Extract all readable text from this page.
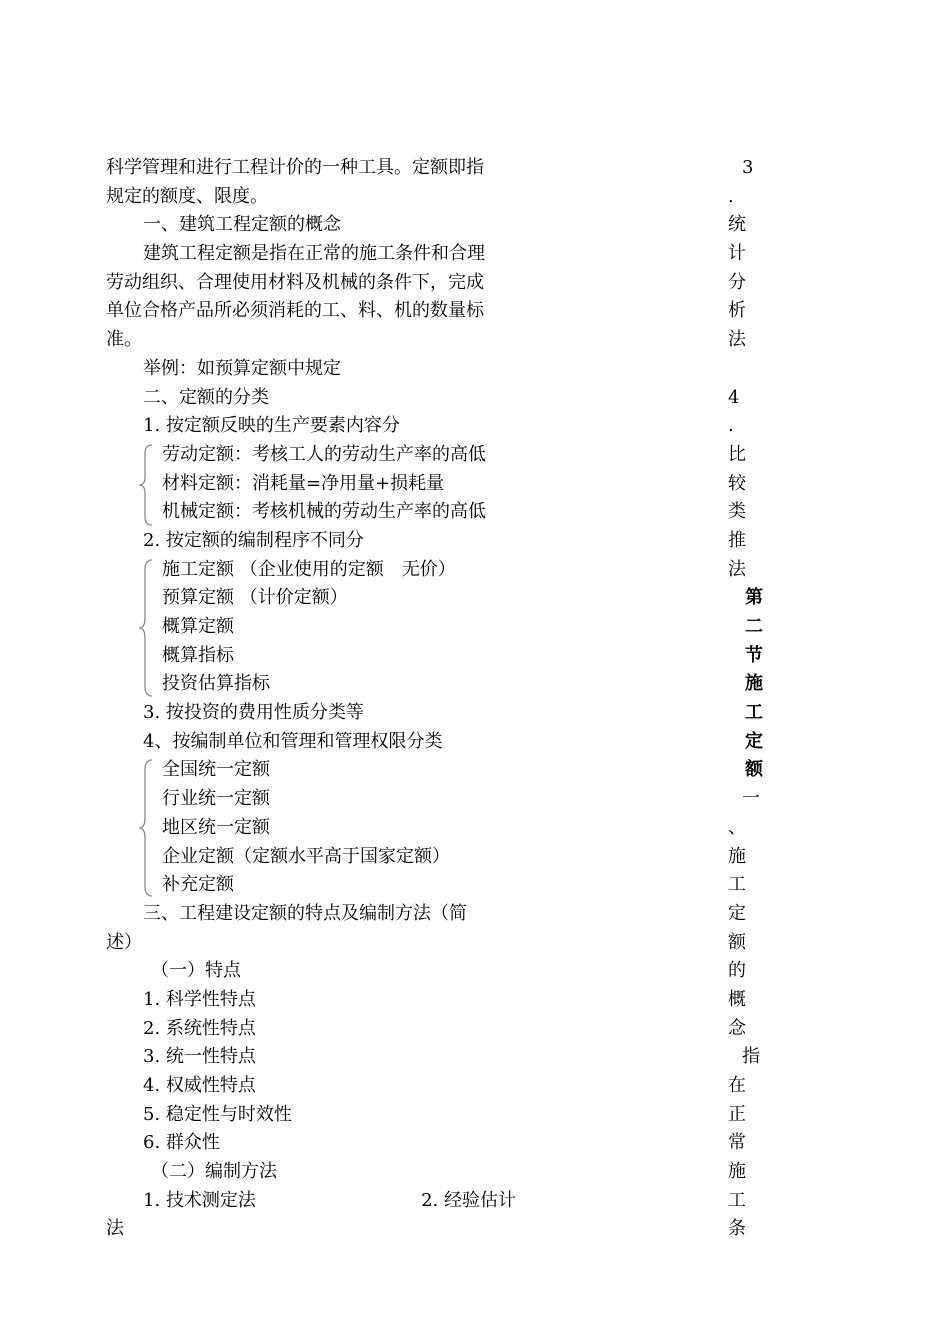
科学管理和进行工程计价的一种工具。定额即指
规定的额度、限度。
一、建筑工程定额的概念
建筑工程定额是指在正常的施工条件和合理
劳动组织、合理使用材料及机械的条件下，完成
单位合格产品所必须消耗的工、料、机的数量标
准。
举例：如预算定额中规定
二、定额的分类
1. 按定额反映的生产要素内容分
劳动定额：考核工人的劳动生产率的高低
材料定额：消耗量=净用量+损耗量
机械定额：考核机械的劳动生产率的高低
2. 按定额的编制程序不同分
施工定额 （企业使用的定额　无价）
预算定额 （计价定额）
概算定额
概算指标
投资估算指标
3. 按投资的费用性质分类等
4、按编制单位和管理和管理权限分类
全国统一定额
行业统一定额
地区统一定额
企业定额（定额水平高于国家定额）
补充定额
三、工程建设定额的特点及编制方法（简
述）
（一）特点
1. 科学性特点
2. 系统性特点
3. 统一性特点
4. 权威性特点
5. 稳定性与时效性
6. 群众性
（二）编制方法
1. 技术测定法	2. 经验估计
法
3
.
统
计
分
析
法
4
.
比
较
类
推
法
第
二
节
施
工
定
额
一
、
施
工
定
额
的
概
念
指
在
正
常
施
工
条
